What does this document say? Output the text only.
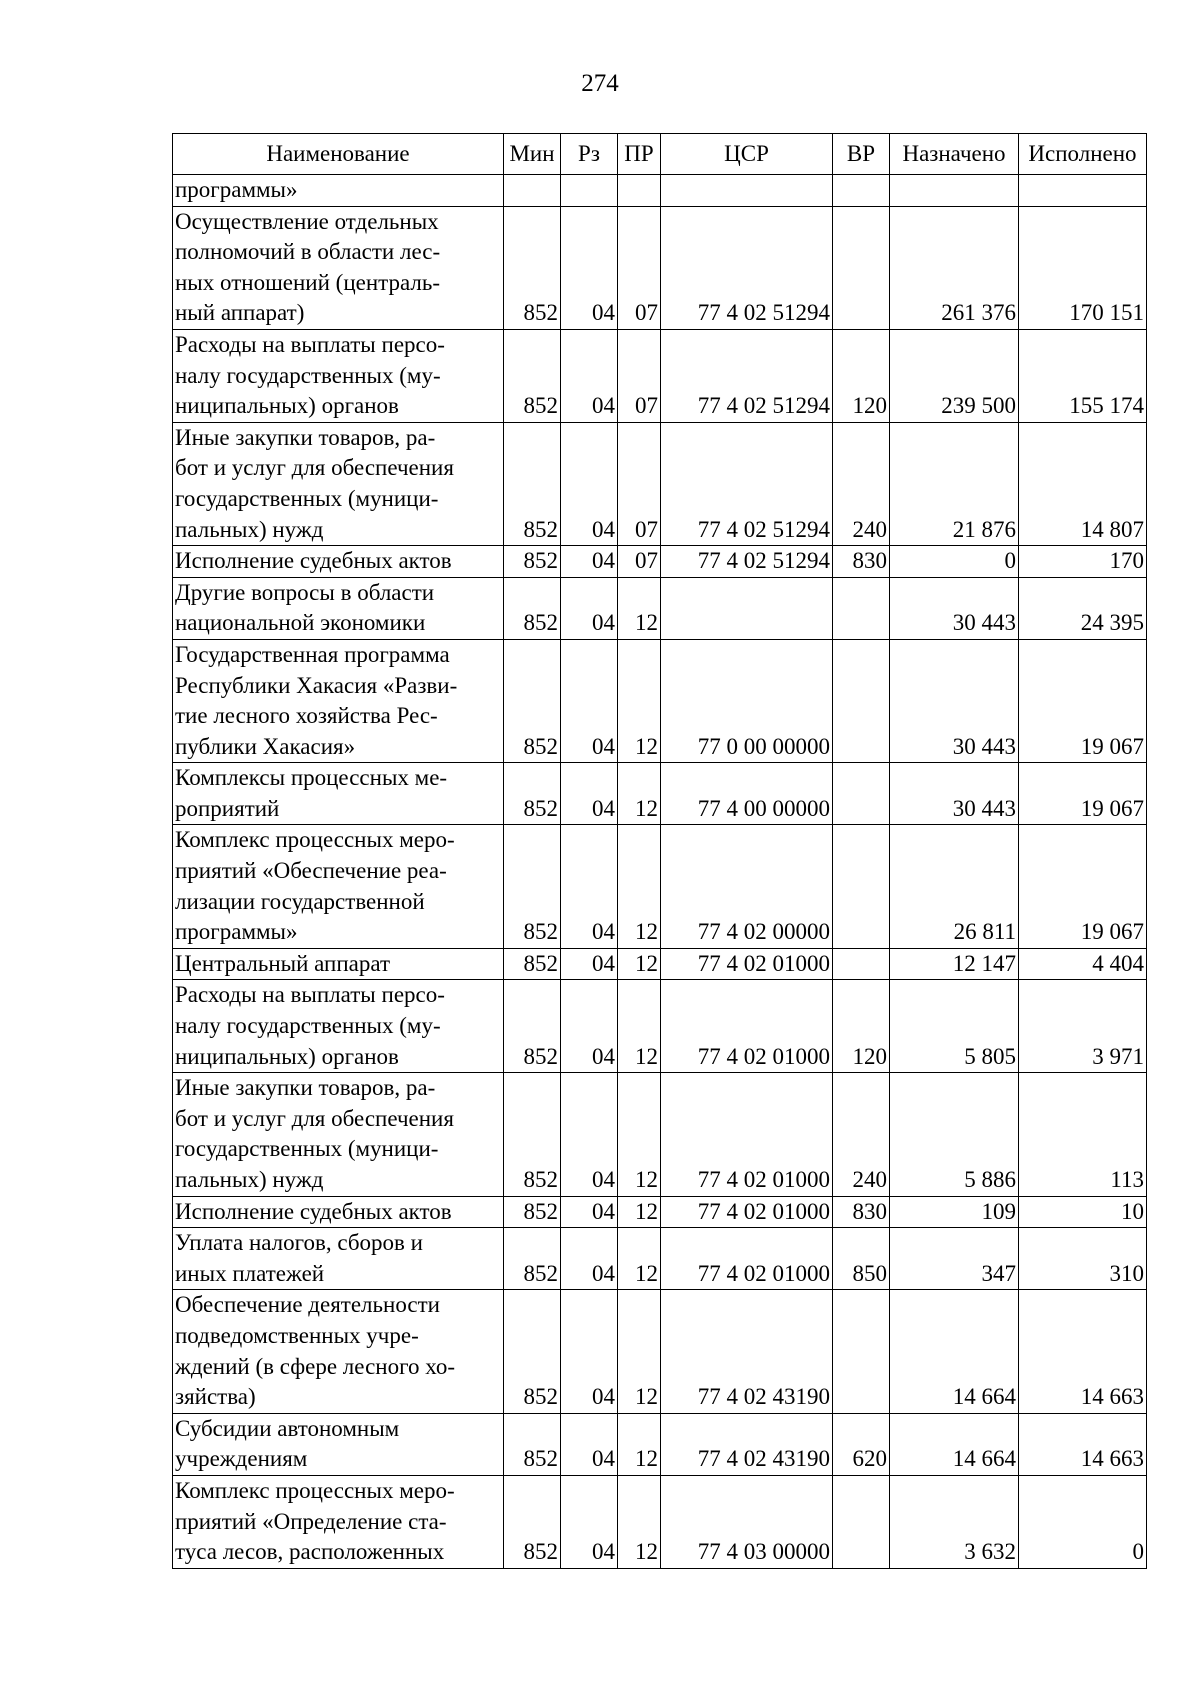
274
Наименование	Мин	Рз	ПР	ЦСР	ВР	Назначено	Исполнено
программы»							
Осуществление отдельных
полномочий в области лес-
ных отношений (централь-
ный аппарат)	852	04	07	77 4 02 51294		261 376	170 151
Расходы на выплаты персо-
налу государственных (му-
ниципальных) органов	852	04	07	77 4 02 51294	120	239 500	155 174
Иные закупки товаров, ра-
бот и услуг для обеспечения
государственных (муници-
пальных) нужд	852	04	07	77 4 02 51294	240	21 876	14 807
Исполнение судебных актов	852	04	07	77 4 02 51294	830	0	170
Другие вопросы в области
национальной экономики	852	04	12			30 443	24 395
Государственная программа
Республики Хакасия «Разви-
тие лесного хозяйства Рес-
публики Хакасия»	852	04	12	77 0 00 00000		30 443	19 067
Комплексы процессных ме-
роприятий	852	04	12	77 4 00 00000		30 443	19 067
Комплекс процессных меро-
приятий «Обеспечение реа-
лизации государственной
программы»	852	04	12	77 4 02 00000		26 811	19 067
Центральный аппарат	852	04	12	77 4 02 01000		12 147	4 404
Расходы на выплаты персо-
налу государственных (му-
ниципальных) органов	852	04	12	77 4 02 01000	120	5 805	3 971
Иные закупки товаров, ра-
бот и услуг для обеспечения
государственных (муници-
пальных) нужд	852	04	12	77 4 02 01000	240	5 886	113
Исполнение судебных актов	852	04	12	77 4 02 01000	830	109	10
Уплата налогов, сборов и
иных платежей	852	04	12	77 4 02 01000	850	347	310
Обеспечение деятельности
подведомственных учре-
ждений (в сфере лесного хо-
зяйства)	852	04	12	77 4 02 43190		14 664	14 663
Субсидии автономным
учреждениям	852	04	12	77 4 02 43190	620	14 664	14 663
Комплекс процессных меро-
приятий «Определение ста-
туса лесов, расположенных	852	04	12	77 4 03 00000		3 632	0
